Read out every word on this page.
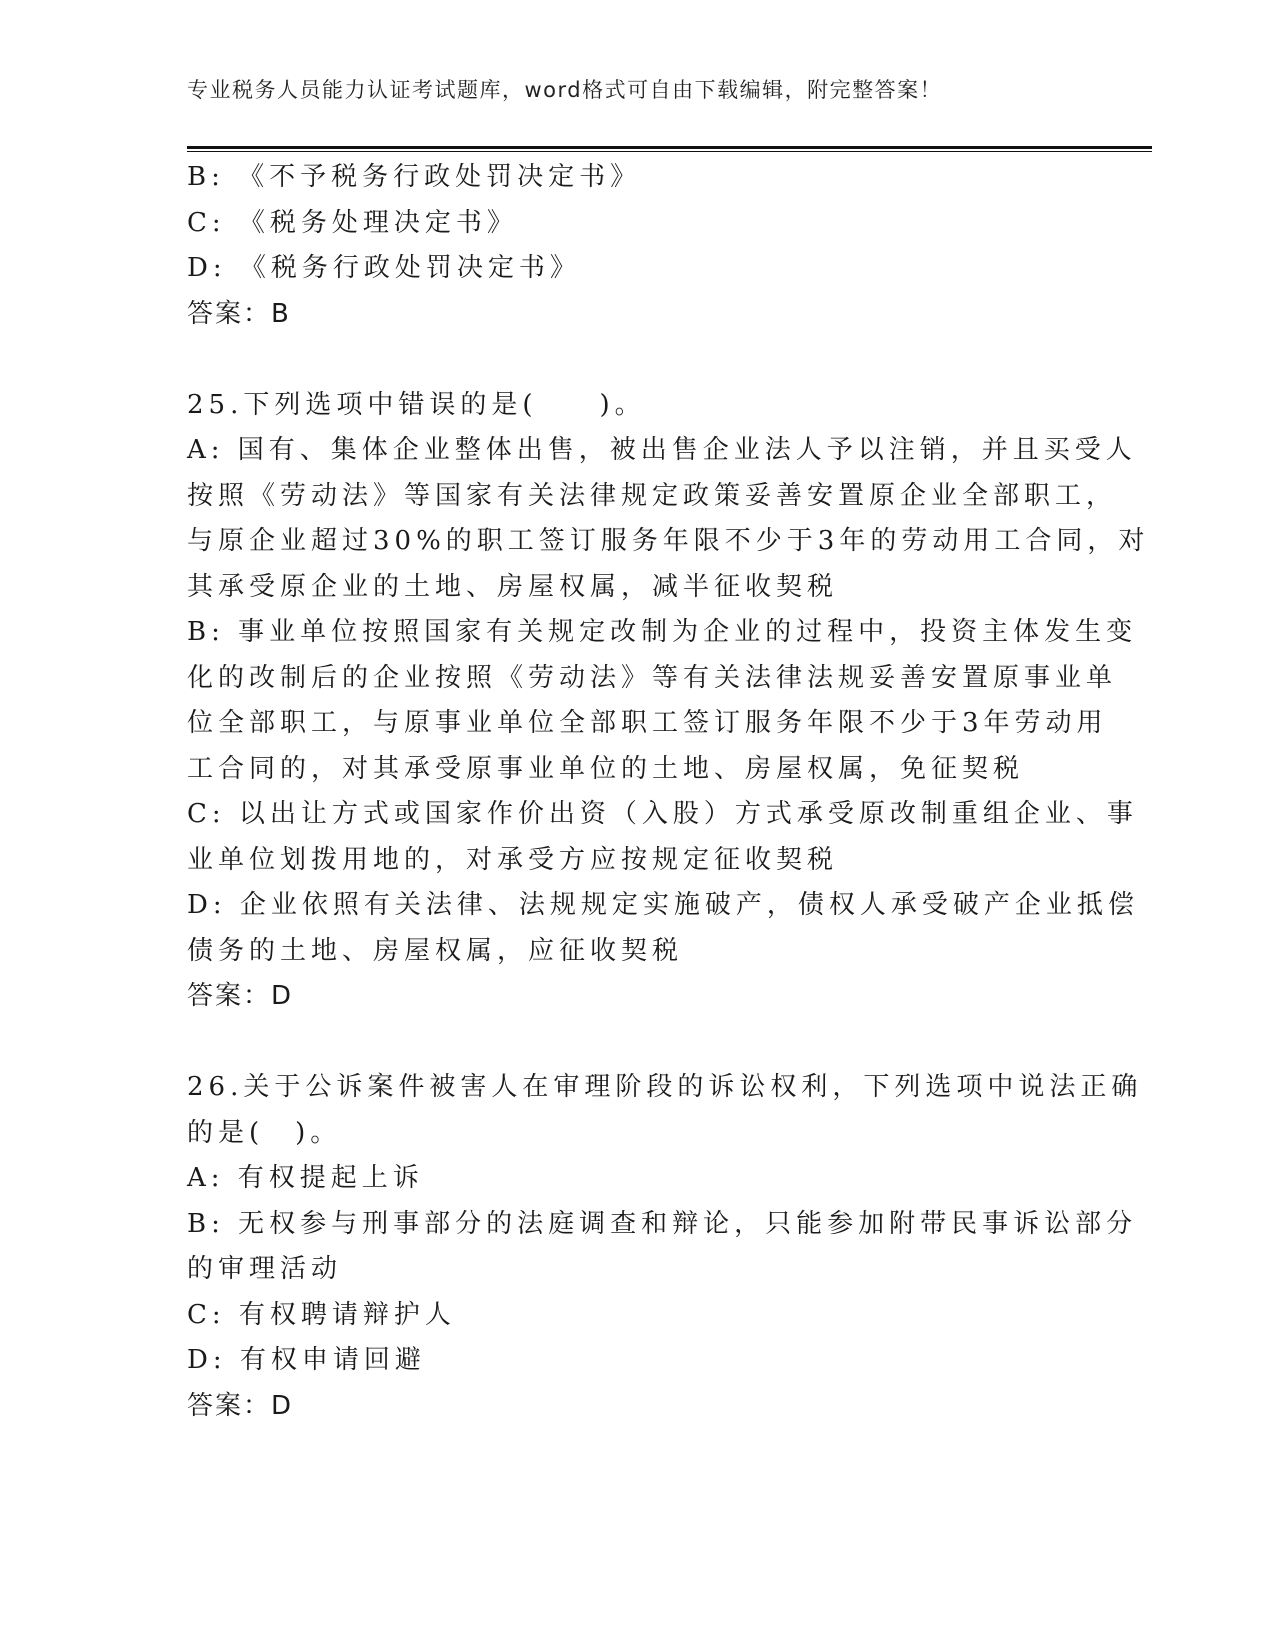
专业税务人员能力认证考试题库，word格式可自由下载编辑，附完整答案！
B: 《不予税务行政处罚决定书》
C: 《税务处理决定书》
D: 《税务行政处罚决定书》
答案：B
25.下列选项中错误的是(　　)。
A: 国有、集体企业整体出售，被出售企业法人予以注销，并且买受人
按照《劳动法》等国家有关法律规定政策妥善安置原企业全部职工，
与原企业超过30%的职工签订服务年限不少于3年的劳动用工合同，对
其承受原企业的土地、房屋权属，减半征收契税
B: 事业单位按照国家有关规定改制为企业的过程中，投资主体发生变
化的改制后的企业按照《劳动法》等有关法律法规妥善安置原事业单
位全部职工，与原事业单位全部职工签订服务年限不少于3年劳动用
工合同的，对其承受原事业单位的土地、房屋权属，免征契税
C: 以出让方式或国家作价出资（入股）方式承受原改制重组企业、事
业单位划拨用地的，对承受方应按规定征收契税
D: 企业依照有关法律、法规规定实施破产，债权人承受破产企业抵偿
债务的土地、房屋权属，应征收契税
答案：D
26.关于公诉案件被害人在审理阶段的诉讼权利，下列选项中说法正确
的是(　)。
A: 有权提起上诉
B: 无权参与刑事部分的法庭调查和辩论，只能参加附带民事诉讼部分
的审理活动
C: 有权聘请辩护人
D: 有权申请回避
答案：D
